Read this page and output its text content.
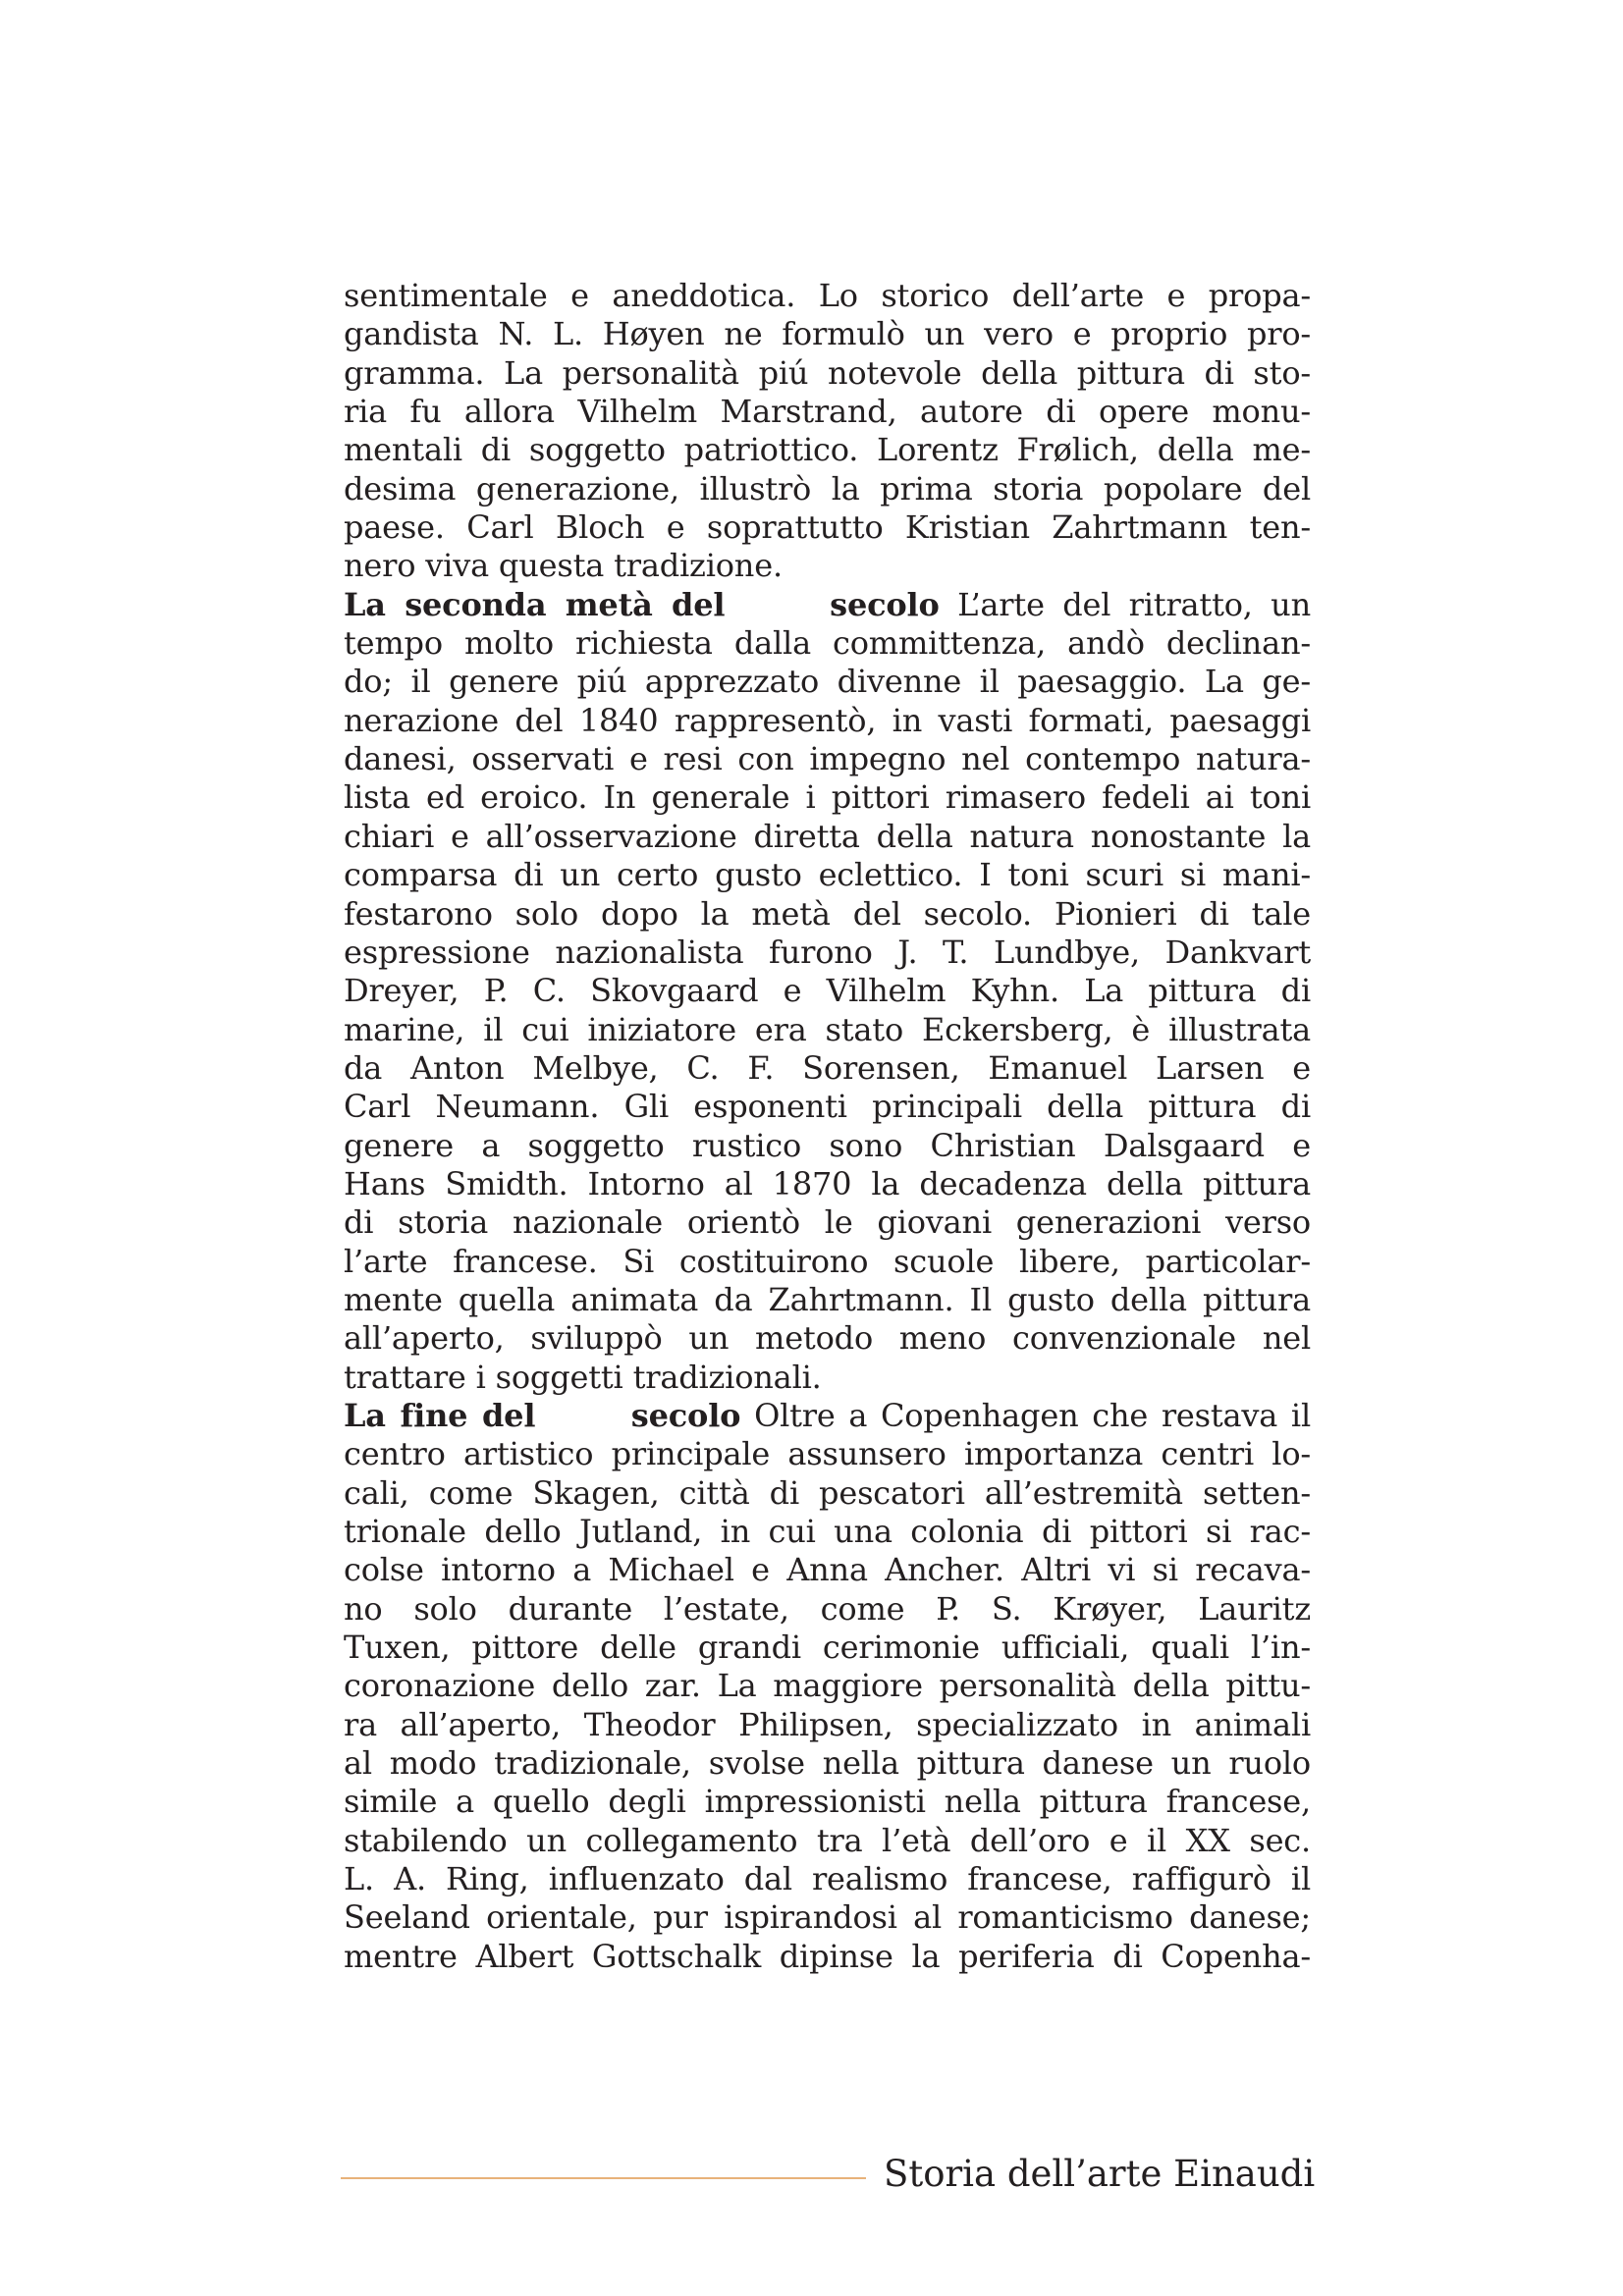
sentimentale e aneddotica. Lo storico dell’arte e propa-
gandista N. L. Høyen ne formulò un vero e proprio pro-
gramma. La personalità piú notevole della pittura di sto-
ria fu allora Vilhelm Marstrand, autore di opere monu-
mentali di soggetto patriottico. Lorentz Frølich, della me-
desima generazione, illustrò la prima storia popolare del
paese. Carl Bloch e soprattutto Kristian Zahrtmann ten-
nero viva questa tradizione.
La seconda metà del	secolo L’arte del ritratto, un
tempo molto richiesta dalla committenza, andò declinan-
do; il genere piú apprezzato divenne il paesaggio. La ge-
nerazione del 1840 rappresentò, in vasti formati, paesaggi
danesi, osservati e resi con impegno nel contempo natura-
lista ed eroico. In generale i pittori rimasero fedeli ai toni
chiari e all’osservazione diretta della natura nonostante la
comparsa di un certo gusto eclettico. I toni scuri si mani-
festarono solo dopo la metà del secolo. Pionieri di tale
espressione nazionalista furono J. T. Lundbye, Dankvart
Dreyer, P. C. Skovgaard e Vilhelm Kyhn. La pittura di
marine, il cui iniziatore era stato Eckersberg, è illustrata
da Anton Melbye, C. F. Sorensen, Emanuel Larsen e
Carl Neumann. Gli esponenti principali della pittura di
genere a soggetto rustico sono Christian Dalsgaard e
Hans Smidth. Intorno al 1870 la decadenza della pittura
di storia nazionale orientò le giovani generazioni verso
l’arte francese. Si costituirono scuole libere, particolar-
mente quella animata da Zahrtmann. Il gusto della pittura
all’aperto, sviluppò un metodo meno convenzionale nel
trattare i soggetti tradizionali.
La fine del	secolo Oltre a Copenhagen che restava il
centro artistico principale assunsero importanza centri lo-
cali, come Skagen, città di pescatori all’estremità setten-
trionale dello Jutland, in cui una colonia di pittori si rac-
colse intorno a Michael e Anna Ancher. Altri vi si recava-
no solo durante l’estate, come P. S. Krøyer, Lauritz
Tuxen, pittore delle grandi cerimonie ufficiali, quali l’in-
coronazione dello zar. La maggiore personalità della pittu-
ra all’aperto, Theodor Philipsen, specializzato in animali
al modo tradizionale, svolse nella pittura danese un ruolo
simile a quello degli impressionisti nella pittura francese,
stabilendo un collegamento tra l’età dell’oro e il XX sec.
L. A. Ring, influenzato dal realismo francese, raffigurò il
Seeland orientale, pur ispirandosi al romanticismo danese;
mentre Albert Gottschalk dipinse la periferia di Copenha-
Storia dell’arte Einaudi
